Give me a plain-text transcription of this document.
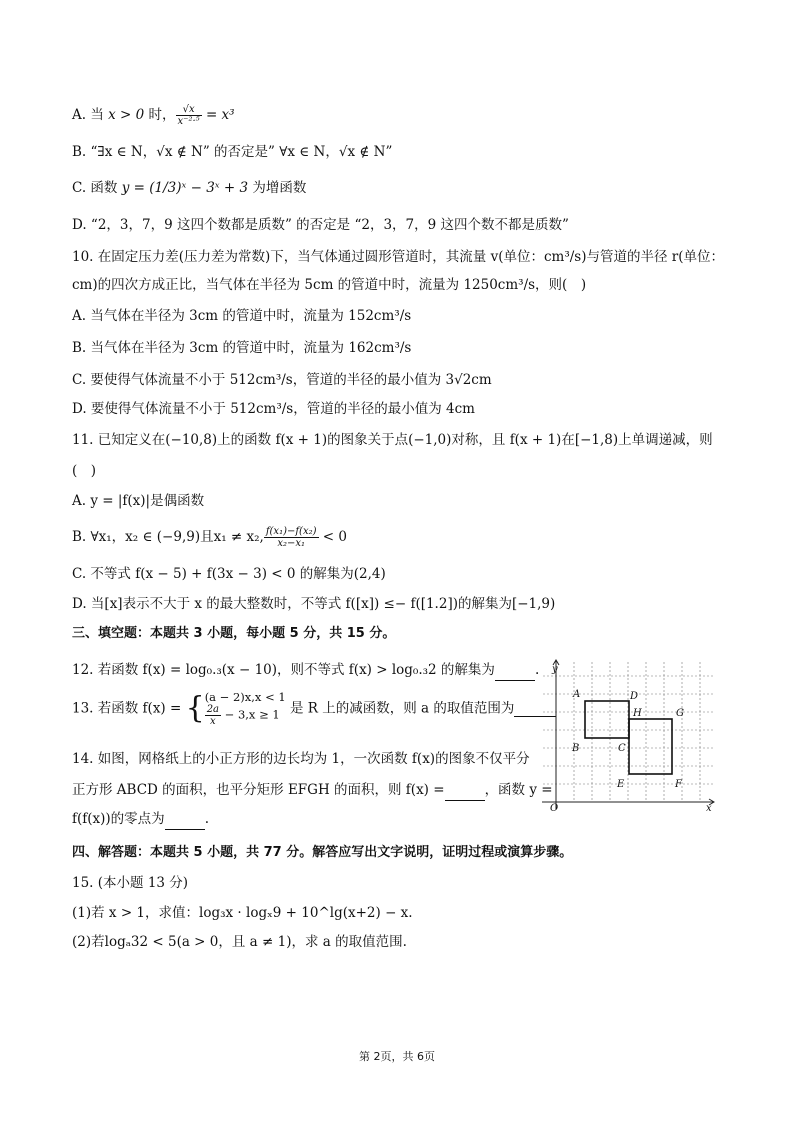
A. 当 x > 0 时， $\frac{√x}{\text{x⁻²·⁵}} = x^3$
B. “∃x ∈ N，√x ∉ N” 的否定是” ∀x ∈ N，√x ∉ N”
C. 函数 y = (1/3)ˣ − 3ˣ + 3 为增函数
D. “2，3，7，9 这四个数都是质数” 的否定是 “2，3，7，9 这四个数不都是质数”
10. 在固定压力差(压力差为常数)下，当气体通过圆形管道时，其流量 v(单位：cm³/s)与管道的半径 r(单位：
cm)的四次方成正比，当气体在半径为 5cm 的管道中时，流量为 1250cm³/s，则(　)
A. 当气体在半径为 3cm 的管道中时，流量为 152cm³/s
B. 当气体在半径为 3cm 的管道中时，流量为 162cm³/s
C. 要使得气体流量不小于 512cm³/s，管道的半径的最小值为 3√2cm
D. 要使得气体流量不小于 512cm³/s，管道的半径的最小值为 4cm
11. 已知定义在(−10,8)上的函数 f(x + 1)的图象关于点(−1,0)对称，且 f(x + 1)在[−1,8)上单调递减，则
(　)
A. y = |f(x)|是偶函数
B. ∀x₁，x₂ ∈ (−9,9)且x₁ ≠ x₂, $\frac{\text{f(x₁)−f(x₂)}}{\text{x₂−x₁}} < 0$
C. 不等式 f(x − 5) + f(3x − 3) < 0 的解集为(2,4)
D. 当[x]表示不大于 x 的最大整数时，不等式 f([x]) ≤− f([1.2])的解集为[−1,9)
三、填空题：本题共 3 小题，每小题 5 分，共 15 分。
12. 若函数 f(x) = log₀.₃(x − 10)，则不等式 f(x) > log₀.₃2 的解集为	.
13. 若函数 f(x) = { (a − 2)x,x < 1
$\frac{2a}{x} - 3,x \ge 1$ 是 R 上的减函数，则 a 的取值范围为
14. 如图，网格纸上的小正方形的边长均为 1，一次函数 f(x)的图象不仅平分
正方形 ABCD 的面积，也平分矩形 EFGH 的面积，则 f(x) =	，函数 y =
f(f(x))的零点为	.
四、解答题：本题共 5 小题，共 77 分。解答应写出文字说明，证明过程或演算步骤。
15. (本小题 13 分)
(1)若 x > 1，求值：log₃x · logₓ9 + 10^lg(x+2) − x.
(2)若logₐ32 < 5(a > 0，且 a ≠ 1)，求 a 的取值范围.
y
x
O
A	D
H	G
B	C
E	F
第 2页，共 6页
